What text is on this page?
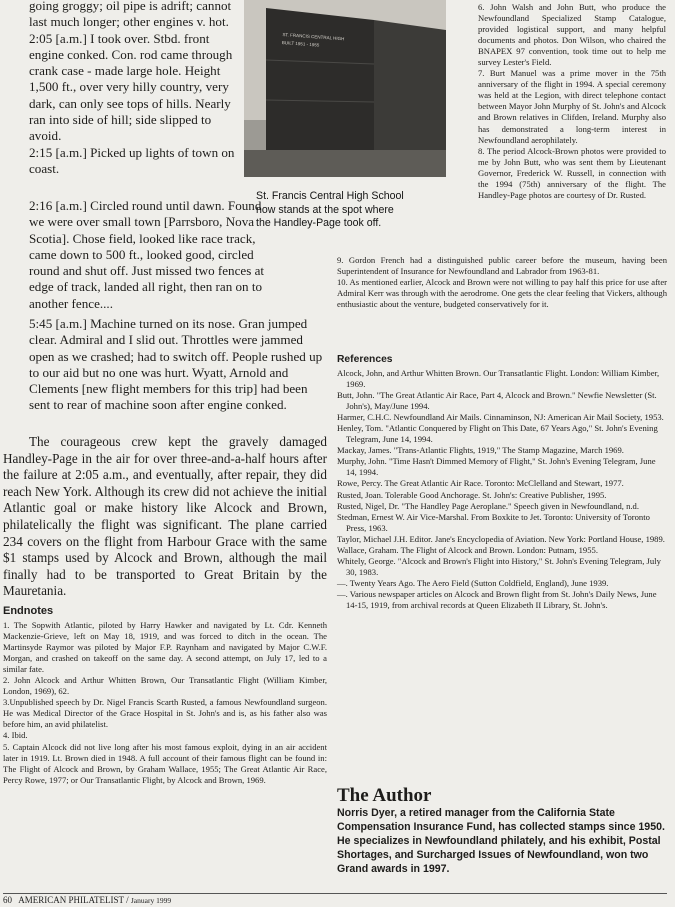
going groggy; oil pipe is adrift; cannot last much longer; other engines v. hot.

2:05 [a.m.] I took over. Stbd. front engine conked. Con. rod came through crank case - made large hole. Height 1,500 ft., over very hilly country, very dark, can only see tops of hills. Nearly ran into side of hill; side slipped to avoid.

2:15 [a.m.] Picked up lights of town on coast.

2:16 [a.m.] Circled round until dawn. Found we were over small town [Parrsboro, Nova Scotia]. Chose field, looked like race track, came down to 500 ft., looked good, circled round and shut off. Just missed two fences at edge of track, landed all right, then ran on to another fence....

5:45 [a.m.] Machine turned on its nose. Gran jumped clear. Admiral and I slid out. Throttles were jammed open as we crashed; had to switch off. People rushed up to our aid but no one was hurt. Wyatt, Arnold and Clements [new flight members for this trip] had been sent to rear of machine soon after engine conked.

ST. FRANCIS CENTRAL HIGH
BUILT 1951 - 1955
St. Francis Central High School
now stands at the spot where
the Handley-Page took off.

The courageous crew kept the gravely damaged Handley-Page in the air for over three-and-a-half hours after the failure at 2:05 a.m., and eventually, after repair, they did reach New York. Although its crew did not achieve the initial Atlantic goal or make history like Alcock and Brown, philatelically the flight was significant. The plane carried 234 covers on the flight from Harbour Grace with the same $1 stamps used by Alcock and Brown, although the mail finally had to be transported to Great Britain by the Mauretania.

Endnotes

1. The Sopwith Atlantic, piloted by Harry Hawker and navigated by Lt. Cdr. Kenneth Mackenzie-Grieve, left on May 18, 1919, and was forced to ditch in the ocean. The Martinsyde Raymor was piloted by Major F.P. Raynham and navigated by Major C.W.F. Morgan, and crashed on takeoff on the same day. A second attempt, on July 17, led to a similar fate.

2. John Alcock and Arthur Whitten Brown, Our Transatlantic Flight (William Kimber, London, 1969), 62.

3.Unpublished speech by Dr. Nigel Francis Scarth Rusted, a famous Newfoundland surgeon. He was Medical Director of the Grace Hospital in St. John's and is, as his father also was before him, an avid philatelist.

4. Ibid.

5. Captain Alcock did not live long after his most famous exploit, dying in an air accident later in 1919. Lt. Brown died in 1948. A full account of their famous flight can be found in: The Flight of Alcock and Brown, by Graham Wallace, 1955; The Great Atlantic Air Race, Percy Rowe, 1977; or Our Transatlantic Flight, by Alcock and Brown, 1969.

6. John Walsh and John Butt, who produce the Newfoundland Specialized Stamp Catalogue, provided logistical support, and many helpful documents and photos. Don Wilson, who chaired the BNAPEX 97 convention, took time out to help me survey Lester's Field.

7. Burt Manuel was a prime mover in the 75th anniversary of the flight in 1994. A special ceremony was held at the Legion, with direct telephone contact between Mayor John Murphy of St. John's and Alcock and Brown relatives in Clifden, Ireland. Murphy also has demonstrated a long-term interest in Newfoundland aerophilately.

8. The period Alcock-Brown photos were provided to me by John Butt, who was sent them by Lieutenant Governor, Frederick W. Russell, in connection with the 1994 (75th) anniversary of the flight. The Handley-Page photos are courtesy of Dr. Rusted.

9. Gordon French had a distinguished public career before the museum, having been Superintendent of Insurance for Newfoundland and Labrador from 1963-81.

10. As mentioned earlier, Alcock and Brown were not willing to pay half this price for use after Admiral Kerr was through with the aerodrome. One gets the clear feeling that Vickers, although enthusiastic about the venture, budgeted conservatively for it.

References

Alcock, John, and Arthur Whitten Brown. Our Transatlantic Flight. London: William Kimber, 1969.

Butt, John. "The Great Atlantic Air Race, Part 4, Alcock and Brown." Newfie Newsletter (St. John's), May/June 1994.

Harmer, C.H.C. Newfoundland Air Mails. Cinnaminson, NJ: American Air Mail Society, 1953.

Henley, Tom. "Atlantic Conquered by Flight on This Date, 67 Years Ago," St. John's Evening Telegram, June 14, 1994.

Mackay, James. "Trans-Atlantic Flights, 1919," The Stamp Magazine, March 1969.

Murphy, John. "Time Hasn't Dimmed Memory of Flight," St. John's Evening Telegram, June 14, 1994.

Rowe, Percy. The Great Atlantic Air Race. Toronto: McClelland and Stewart, 1977.

Rusted, Joan. Tolerable Good Anchorage. St. John's: Creative Publisher, 1995.

Rusted, Nigel, Dr. "The Handley Page Aeroplane." Speech given in Newfoundland, n.d.

Stedman, Ernest W. Air Vice-Marshal. From Boxkite to Jet. Toronto: University of Toronto Press, 1963.

Taylor, Michael J.H. Editor. Jane's Encyclopedia of Aviation. New York: Portland House, 1989.

Wallace, Graham. The Flight of Alcock and Brown. London: Putnam, 1955.

Whitely, George. "Alcock and Brown's Flight into History," St. John's Evening Telegram, July 30, 1983.

—. Twenty Years Ago. The Aero Field (Sutton Coldfield, England), June 1939.

—. Various newspaper articles on Alcock and Brown flight from St. John's Daily News, June 14-15, 1919, from archival records at Queen Elizabeth II Library, St. John's.

The Author

Norris Dyer, a retired manager from the California State Compensation Insurance Fund, has collected stamps since 1950. He specializes in Newfoundland philately, and his exhibit, Postal Shortages, and Surcharged Issues of Newfoundland, won two Grand awards in 1997.

60 AMERICAN PHILATELIST / January 1999
